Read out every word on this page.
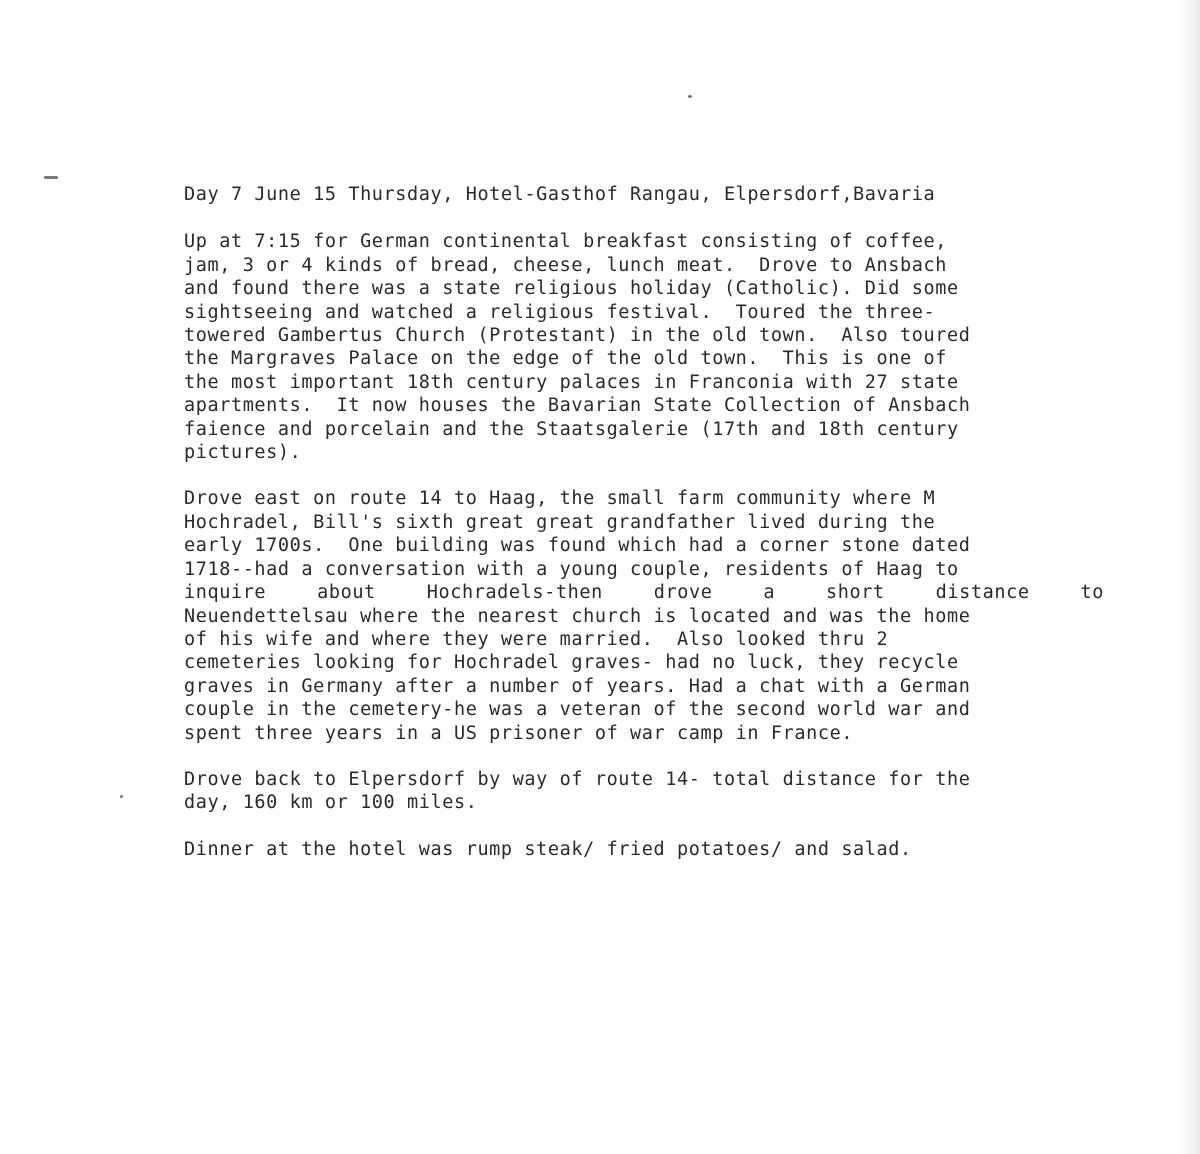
Day 7 June 15 Thursday, Hotel-Gasthof Rangau, Elpersdorf,Bavaria
Up at 7:15 for German continental breakfast consisting of coffee,
jam, 3 or 4 kinds of bread, cheese, lunch meat.  Drove to Ansbach
and found there was a state religious holiday (Catholic). Did some
sightseeing and watched a religious festival.  Toured the three-
towered Gambertus Church (Protestant) in the old town.  Also toured
the Margraves Palace on the edge of the old town.  This is one of
the most important 18th century palaces in Franconia with 27 state
apartments.  It now houses the Bavarian State Collection of Ansbach
faience and porcelain and the Staatsgalerie (17th and 18th century
pictures).
Drove east on route 14 to Haag, the small farm community where M
Hochradel, Bill's sixth great great grandfather lived during the
early 1700s.  One building was found which had a corner stone dated
1718--had a conversation with a young couple, residents of Haag to
inquire about Hochradels-then drove a short distance to
Neuendettelsau where the nearest church is located and was the home
of his wife and where they were married.  Also looked thru 2
cemeteries looking for Hochradel graves- had no luck, they recycle
graves in Germany after a number of years. Had a chat with a German
couple in the cemetery-he was a veteran of the second world war and
spent three years in a US prisoner of war camp in France.
Drove back to Elpersdorf by way of route 14- total distance for the
day, 160 km or 100 miles.
Dinner at the hotel was rump steak/ fried potatoes/ and salad.
